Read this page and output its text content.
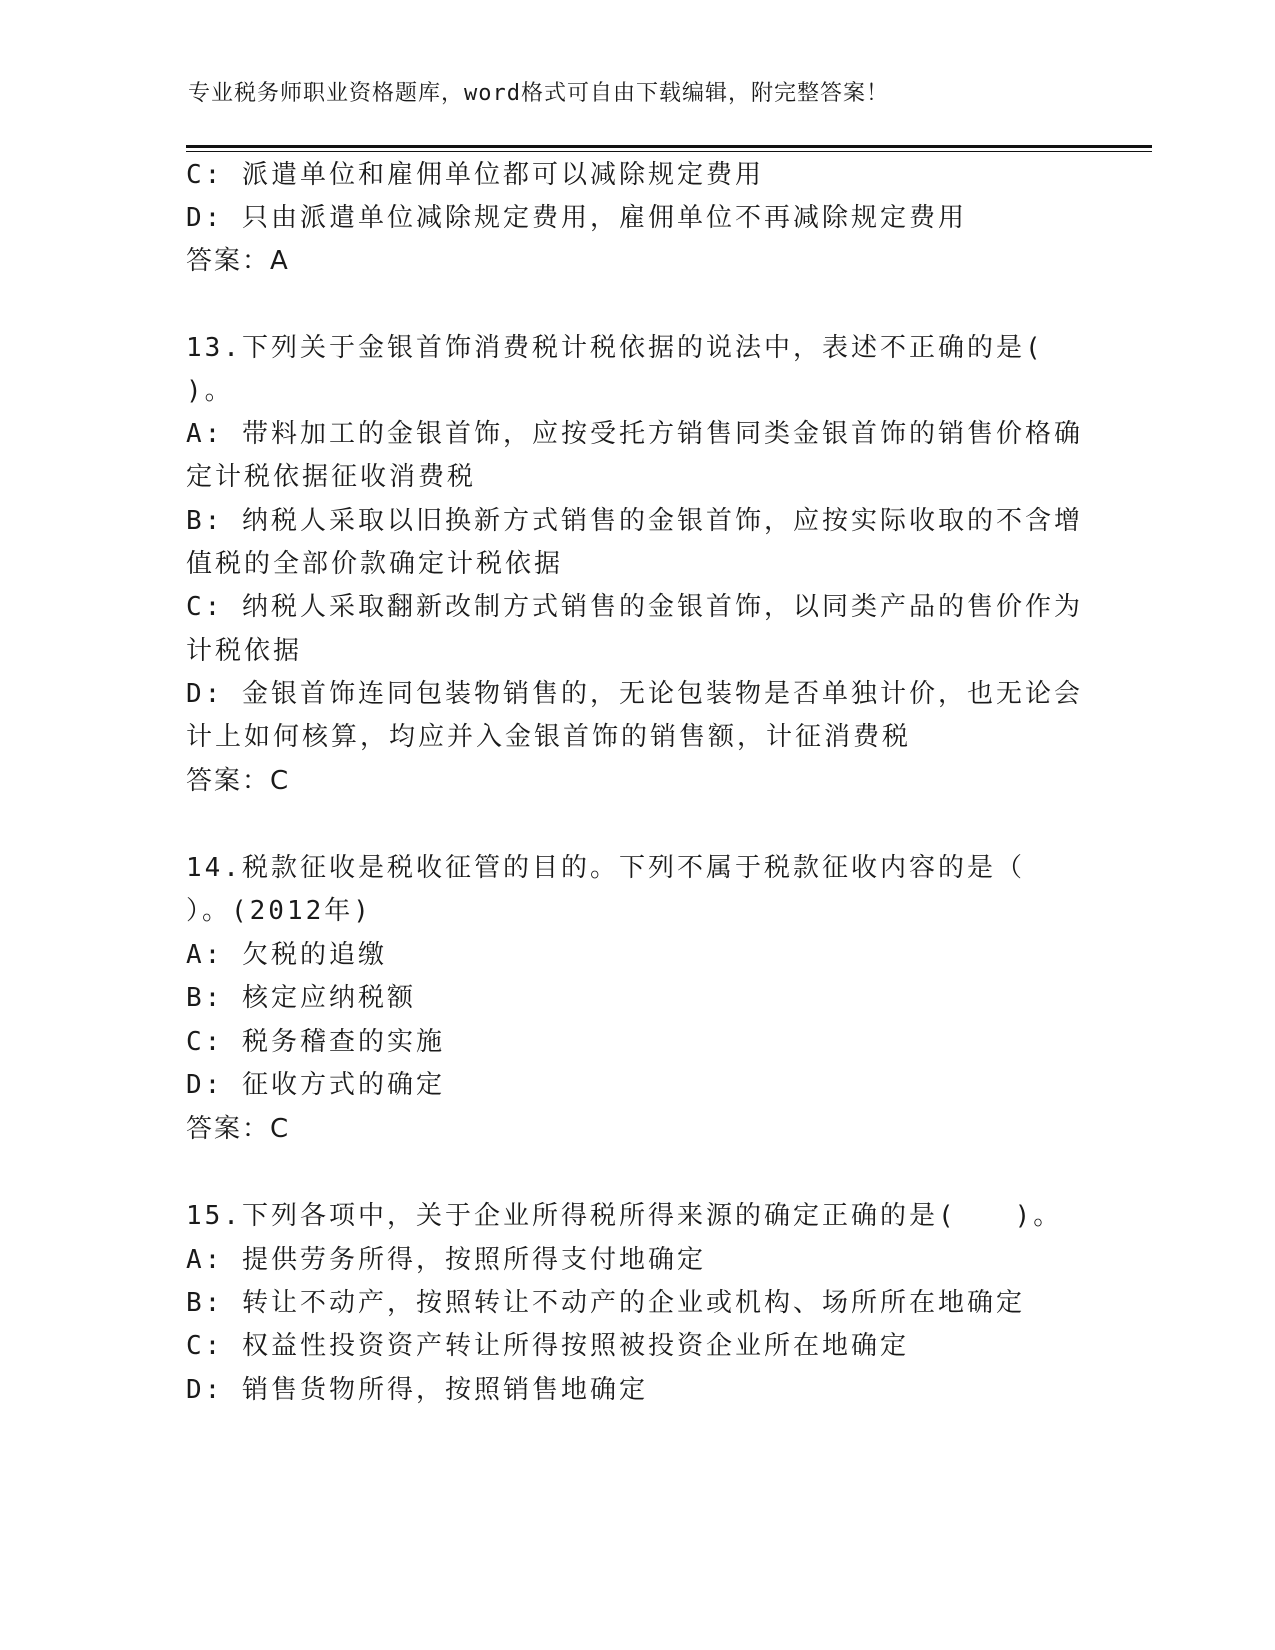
专业税务师职业资格题库，word格式可自由下载编辑，附完整答案！
C: 派遣单位和雇佣单位都可以减除规定费用
D: 只由派遣单位减除规定费用，雇佣单位不再减除规定费用
答案：A
13.下列关于金银首饰消费税计税依据的说法中，表述不正确的是(
)。
A: 带料加工的金银首饰，应按受托方销售同类金银首饰的销售价格确
定计税依据征收消费税
B: 纳税人采取以旧换新方式销售的金银首饰，应按实际收取的不含增
值税的全部价款确定计税依据
C: 纳税人采取翻新改制方式销售的金银首饰，以同类产品的售价作为
计税依据
D: 金银首饰连同包装物销售的，无论包装物是否单独计价，也无论会
计上如何核算，均应并入金银首饰的销售额，计征消费税
答案：C
14.税款征收是税收征管的目的。下列不属于税款征收内容的是（
）。(2012年)
A: 欠税的追缴
B: 核定应纳税额
C: 税务稽查的实施
D: 征收方式的确定
答案：C
15.下列各项中，关于企业所得税所得来源的确定正确的是(　　)。
A: 提供劳务所得，按照所得支付地确定
B: 转让不动产，按照转让不动产的企业或机构、场所所在地确定
C: 权益性投资资产转让所得按照被投资企业所在地确定
D: 销售货物所得，按照销售地确定
